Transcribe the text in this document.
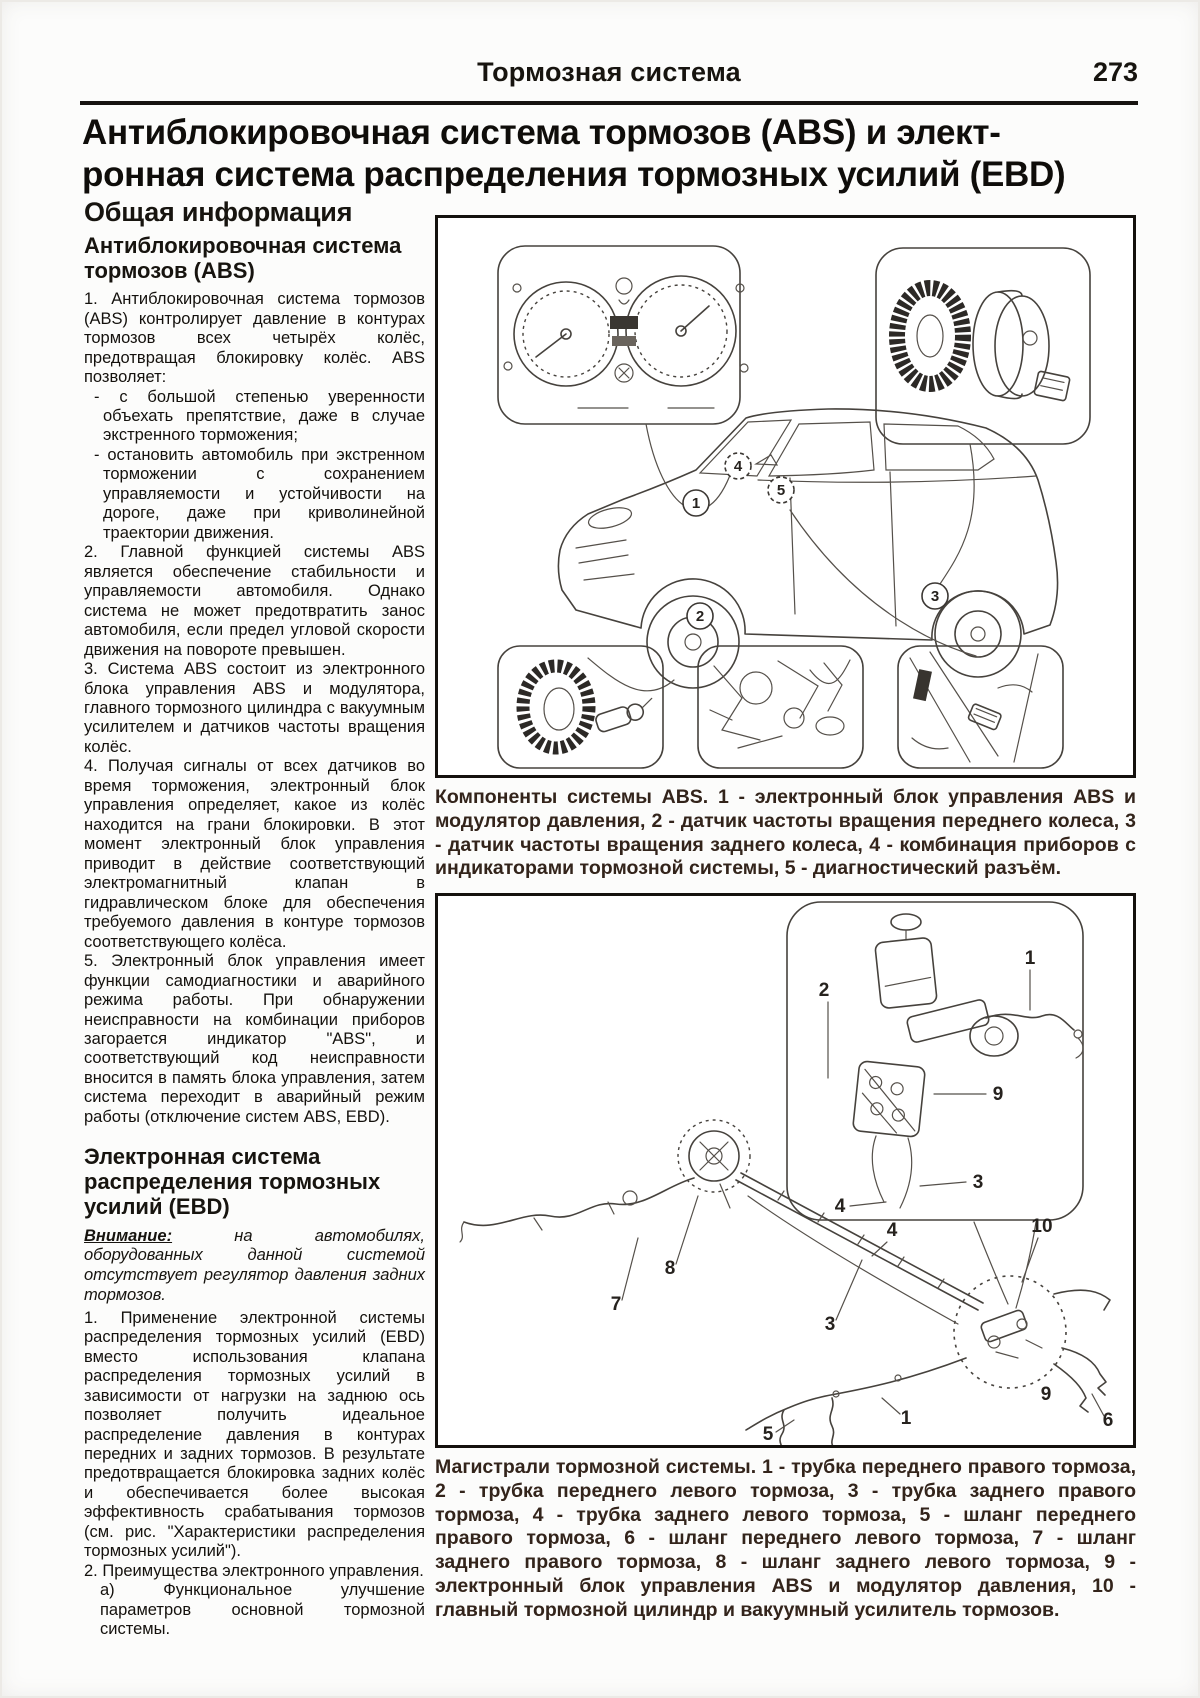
Тормозная система	273
Антиблокировочная система тормозов (ABS) и элект-
ронная система распределения тормозных усилий (EBD)
Общая информация
Антиблокировочная система тормозов (ABS)

1. Антиблокировочная система тормозов (ABS) контролирует давление в контурах тормозов всех четырёх колёс, предотвращая блокировку колёс. ABS позволяет:

- с большой степенью уверенности объехать препятствие, даже в случае экстренного торможения;

- остановить автомобиль при экстренном торможении с сохранением управляемости и устойчивости на дороге, даже при криволинейной траектории движения.

2. Главной функцией системы ABS является обеспечение стабильности и управляемости автомобиля. Однако система не может предотвратить занос автомобиля, если предел угловой скорости движения на повороте превышен.

3. Система ABS состоит из электронного блока управления ABS и модулятора, главного тормозного цилиндра с вакуумным усилителем и датчиков частоты вращения колёс.

4. Получая сигналы от всех датчиков во время торможения, электронный блок управления определяет, какое из колёс находится на грани блокировки. В этот момент электронный блок управления приводит в действие соответствующий электромагнитный клапан в гидравлическом блоке для обеспечения требуемого давления в контуре тормозов соответствующего колёса.

5. Электронный блок управления имеет функции самодиагностики и аварийного режима работы. При обнаружении неисправности на комбинации приборов загорается индикатор "ABS", и соответствующий код неисправности вносится в память блока управления, затем система переходит в аварийный режим работы (отключение систем ABS, EBD).

Электронная система распределения тормозных усилий (EBD)

Внимание: на автомобилях, оборудованных данной системой отсутствует регулятор давления задних тормозов.

1. Применение электронной системы распределения тормозных усилий (EBD) вместо использования клапана распределения тормозных усилий в зависимости от нагрузки на заднюю ось позволяет получить идеальное распределение давления в контурах передних и задних тормозов. В результате предотвращается блокировка задних колёс и обеспечивается более высокая эффективность срабатывания тормозов (см. рис. "Характеристики распределения тормозных усилий").

2. Преимущества электронного управления.

а) Функциональное улучшение параметров основной тормозной системы.

4
1
5
2
3
Компоненты системы ABS. 1 - электронный блок управления ABS и модулятор давления, 2 - датчик частоты вращения переднего колеса, 3 - датчик частоты вращения заднего колеса, 4 - комбинация приборов с индикаторами тормозной системы, 5 - диагностический разъём.
1
2
9
3
4
10
7
8
3
4
1
5
9
6
Магистрали тормозной системы. 1 - трубка переднего правого тормоза, 2 - трубка переднего левого тормоза, 3 - трубка заднего правого тормоза, 4 - трубка заднего левого тормоза, 5 - шланг переднего правого тормоза, 6 - шланг переднего левого тормоза, 7 - шланг заднего правого тормоза, 8 - шланг заднего левого тормоза, 9 - электронный блок управления ABS и модулятор давления, 10 - главный тормозной цилиндр и вакуумный усилитель тормозов.
